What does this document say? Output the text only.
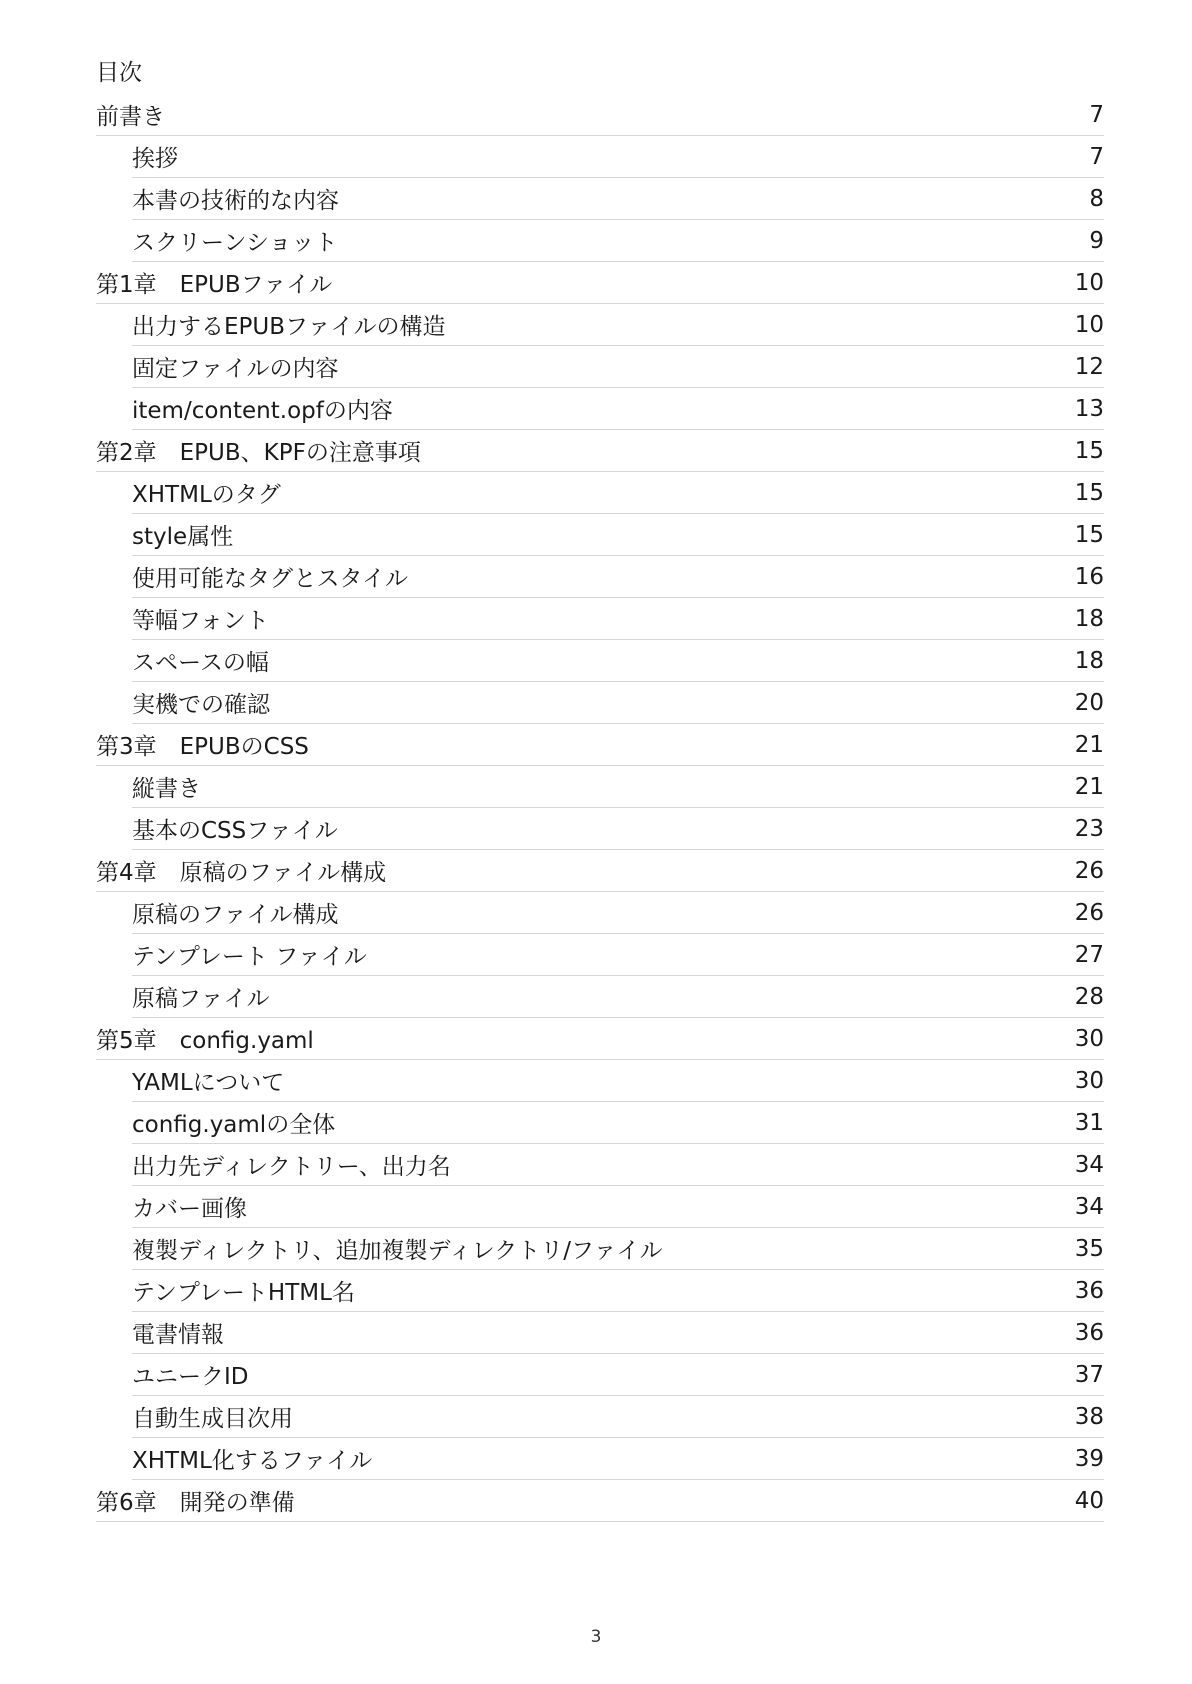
目次
前書き	7
挨拶	7
本書の技術的な内容	8
スクリーンショット	9
第1章　EPUBファイル	10
出力するEPUBファイルの構造	10
固定ファイルの内容	12
item/content.opfの内容	13
第2章　EPUB、KPFの注意事項	15
XHTMLのタグ	15
style属性	15
使用可能なタグとスタイル	16
等幅フォント	18
スペースの幅	18
実機での確認	20
第3章　EPUBのCSS	21
縦書き	21
基本のCSSファイル	23
第4章　原稿のファイル構成	26
原稿のファイル構成	26
テンプレート ファイル	27
原稿ファイル	28
第5章　config.yaml	30
YAMLについて	30
config.yamlの全体	31
出力先ディレクトリー、出力名	34
カバー画像	34
複製ディレクトリ、追加複製ディレクトリ/ファイル	35
テンプレートHTML名	36
電書情報	36
ユニークID	37
自動生成目次用	38
XHTML化するファイル	39
第6章　開発の準備	40
3
